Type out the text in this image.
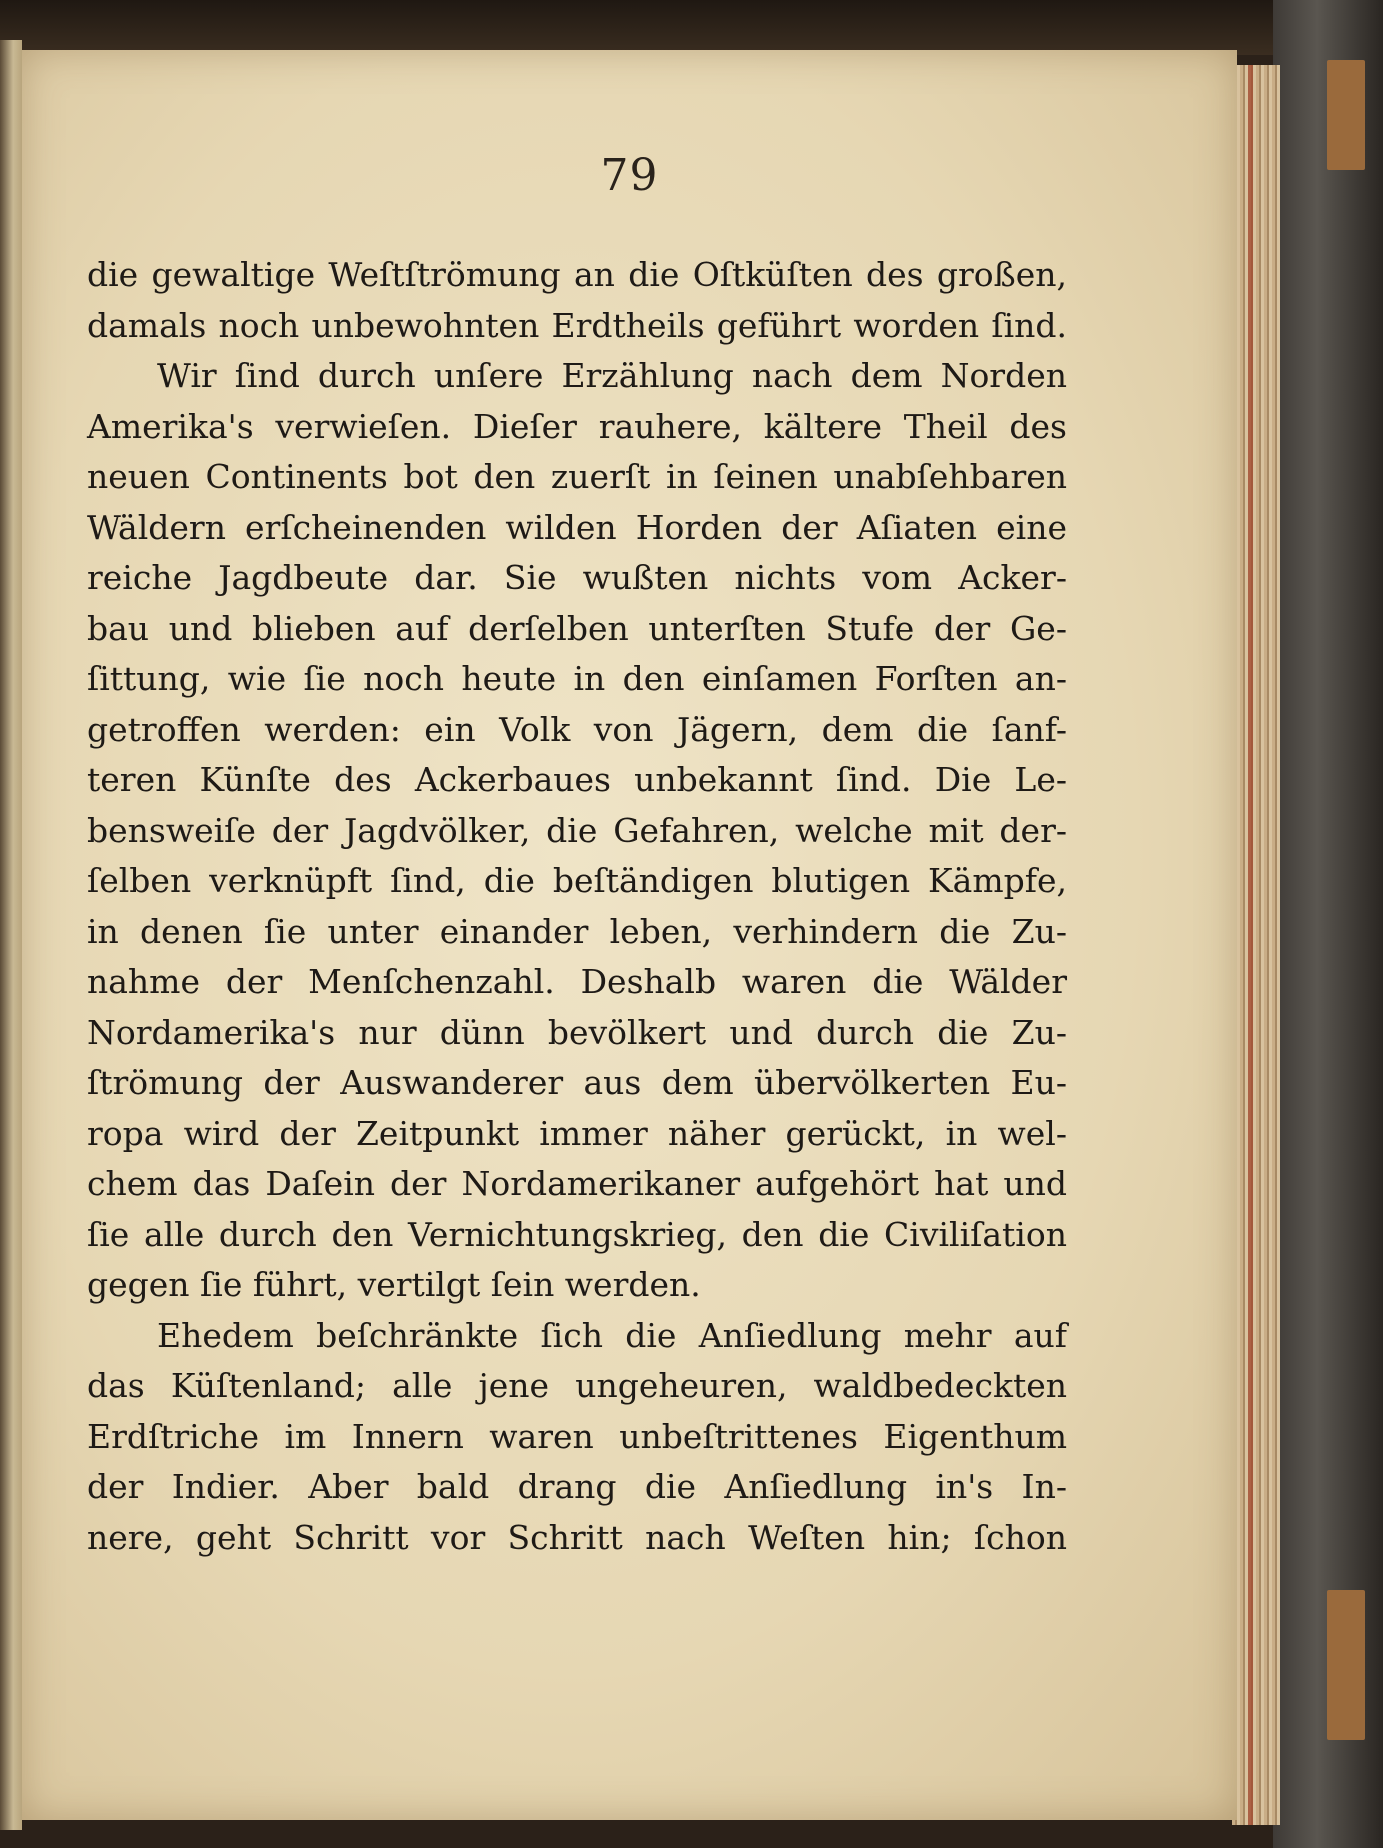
79
die gewaltige Weſtſtrömung an die Oſtküſten des großen,
damals noch unbewohnten Erdtheils geführt worden ſind.
Wir ſind durch unſere Erzählung nach dem Norden
Amerika's verwieſen. Dieſer rauhere, kältere Theil des
neuen Continents bot den zuerſt in ſeinen unabſehbaren
Wäldern erſcheinenden wilden Horden der Aſiaten eine
reiche Jagdbeute dar. Sie wußten nichts vom Acker-
bau und blieben auf derſelben unterſten Stufe der Ge-
ſittung, wie ſie noch heute in den einſamen Forſten an-
getroffen werden: ein Volk von Jägern, dem die ſanf-
teren Künſte des Ackerbaues unbekannt ſind. Die Le-
bensweiſe der Jagdvölker, die Gefahren, welche mit der-
ſelben verknüpft ſind, die beſtändigen blutigen Kämpfe,
in denen ſie unter einander leben, verhindern die Zu-
nahme der Menſchenzahl. Deshalb waren die Wälder
Nordamerika's nur dünn bevölkert und durch die Zu-
ſtrömung der Auswanderer aus dem übervölkerten Eu-
ropa wird der Zeitpunkt immer näher gerückt, in wel-
chem das Daſein der Nordamerikaner aufgehört hat und
ſie alle durch den Vernichtungskrieg, den die Civiliſation
gegen ſie führt, vertilgt ſein werden.
Ehedem beſchränkte ſich die Anſiedlung mehr auf
das Küſtenland; alle jene ungeheuren, waldbedeckten
Erdſtriche im Innern waren unbeſtrittenes Eigenthum
der Indier. Aber bald drang die Anſiedlung in's In-
nere, geht Schritt vor Schritt nach Weſten hin; ſchon
